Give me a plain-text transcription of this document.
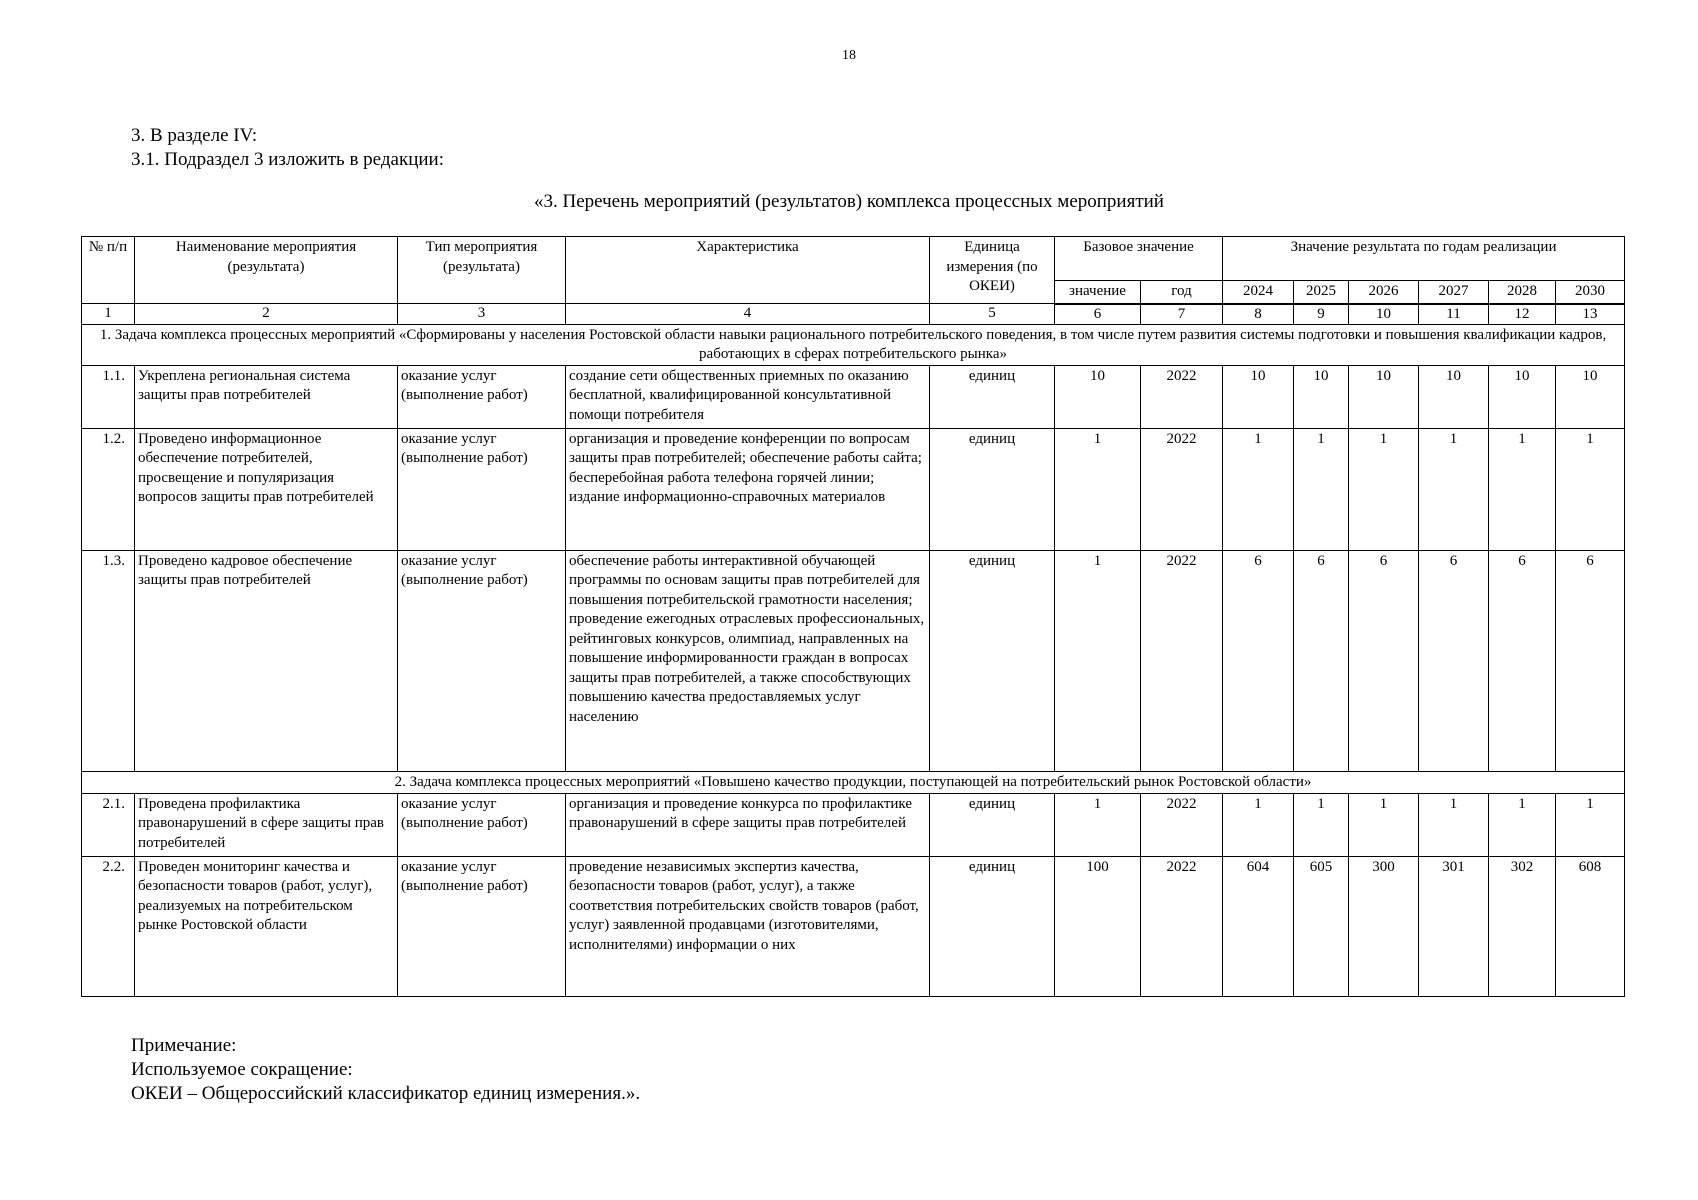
18
3. В разделе IV:
3.1. Подраздел 3 изложить в редакции:
«3. Перечень мероприятий (результатов) комплекса процессных мероприятий
№ п/п	Наименование мероприятия (результата)	Тип мероприятия (результата)	Характеристика	Единица измерения (по ОКЕИ)	Базовое значение		Значение результата по годам реализации					
					значение	год	2024	2025	2026	2027	2028	2030
1	2	3	4	5	6	7	8	9	10	11	12	13
1. Задача комплекса процессных мероприятий «Сформированы у населения Ростовской области навыки рационального потребительского поведения, в том числе путем развития системы подготовки и повышения квалификации кадров, работающих в сферах потребительского рынка»												
1.1.	Укреплена региональная система защиты прав потребителей	оказание услуг (выполнение работ)	создание сети общественных приемных по оказанию бесплатной, квалифицированной консультативной помощи потребителя	единиц	10	2022	10	10	10	10	10	10
1.2.	Проведено информационное обеспечение потребителей, просвещение и популяризация вопросов защиты прав потребителей	оказание услуг (выполнение работ)	организация и проведение конференции по вопросам защиты прав потребителей; обеспечение работы сайта; бесперебойная работа телефона горячей линии; издание информационно-справочных материалов	единиц	1	2022	1	1	1	1	1	1
1.3.	Проведено кадровое обеспечение защиты прав потребителей	оказание услуг (выполнение работ)	обеспечение работы интерактивной обучающей программы по основам защиты прав потребителей для повышения потребительской грамотности населения; проведение ежегодных отраслевых профессиональных, рейтинговых конкурсов, олимпиад, направленных на повышение информированности граждан в вопросах защиты прав потребителей, а также способствующих повышению качества предоставляемых услуг населению	единиц	1	2022	6	6	6	6	6	6
2. Задача комплекса процессных мероприятий «Повышено качество продукции, поступающей на потребительский рынок Ростовской области»												
2.1.	Проведена профилактика правонарушений в сфере защиты прав потребителей	оказание услуг (выполнение работ)	организация и проведение конкурса по профилактике правонарушений в сфере защиты прав потребителей	единиц	1	2022	1	1	1	1	1	1
2.2.	Проведен мониторинг качества и безопасности товаров (работ, услуг), реализуемых на потребительском рынке Ростовской области	оказание услуг (выполнение работ)	проведение независимых экспертиз качества, безопасности товаров (работ, услуг), а также соответствия потребительских свойств товаров (работ, услуг) заявленной продавцами (изготовителями, исполнителями) информации о них	единиц	100	2022	604	605	300	301	302	608
Примечание:
Используемое сокращение:
ОКЕИ – Общероссийский классификатор единиц измерения.».
